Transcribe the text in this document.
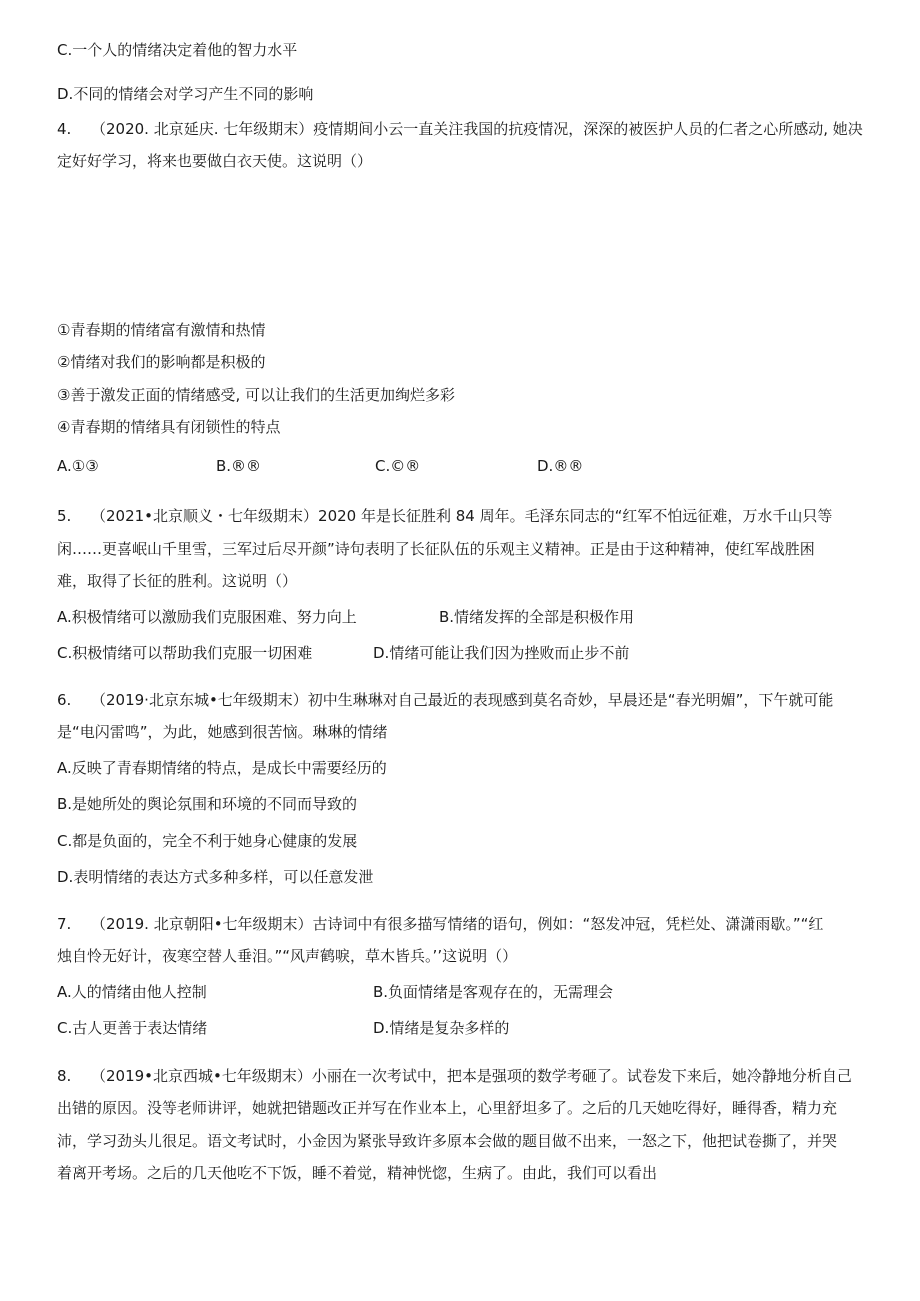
C.一个人的情绪决定着他的智力水平
D.不同的情绪会对学习产生不同的影响
4. （2020. 北京延庆. 七年级期末）疫情期间小云一直关注我国的抗疫情况，深深的被医护人员的仁者之心所感动, 她决
定好好学习，将来也要做白衣天使。这说明（）
①青春期的情绪富有激情和热情
②情绪对我们的影响都是积极的
③善于激发正面的情绪感受, 可以让我们的生活更加绚烂多彩
④青春期的情绪具有闭锁性的特点
A.①③	B.®®	C.©®	D.®®
5. （2021•北京顺义・七年级期末）2020 年是长征胜利 84 周年。毛泽东同志的“红军不怕远征难，万水千山只等
闲……更喜岷山千里雪，三军过后尽开颜”诗句表明了长征队伍的乐观主义精神。正是由于这种精神，使红军战胜困
难，取得了长征的胜利。这说明（）
A.积极情绪可以激励我们克服困难、努力向上	B.情绪发挥的全部是积极作用
C.积极情绪可以帮助我们克服一切困难	D.情绪可能让我们因为挫败而止步不前
6. （2019·北京东城•七年级期末）初中生琳琳对自己最近的表现感到莫名奇妙，早晨还是“春光明媚”，下午就可能
是“电闪雷鸣”，为此，她感到很苦恼。琳琳的情绪
A.反映了青春期情绪的特点，是成长中需要经历的
B.是她所处的舆论氛围和环境的不同而导致的
C.都是负面的，完全不利于她身心健康的发展
D.表明情绪的表达方式多种多样，可以任意发泄
7. （2019. 北京朝阳•七年级期末）古诗词中有很多描写情绪的语句，例如：“怒发冲冠，凭栏处、潇潇雨歇。”“红
烛自怜无好计，夜寒空替人垂泪。”“风声鹤唳，草木皆兵。’’这说明（）
A.人的情绪由他人控制	B.负面情绪是客观存在的，无需理会
C.古人更善于表达情绪	D.情绪是复杂多样的
8. （2019•北京西城•七年级期末）小丽在一次考试中，把本是强项的数学考砸了。试卷发下来后，她冷静地分析自己
出错的原因。没等老师讲评，她就把错题改正并写在作业本上，心里舒坦多了。之后的几天她吃得好，睡得香，精力充
沛，学习劲头儿很足。语文考试时，小金因为紧张导致许多原本会做的题目做不出来，一怒之下，他把试卷撕了，并哭
着离开考场。之后的几天他吃不下饭，睡不着觉，精神恍惚，生病了。由此，我们可以看出
